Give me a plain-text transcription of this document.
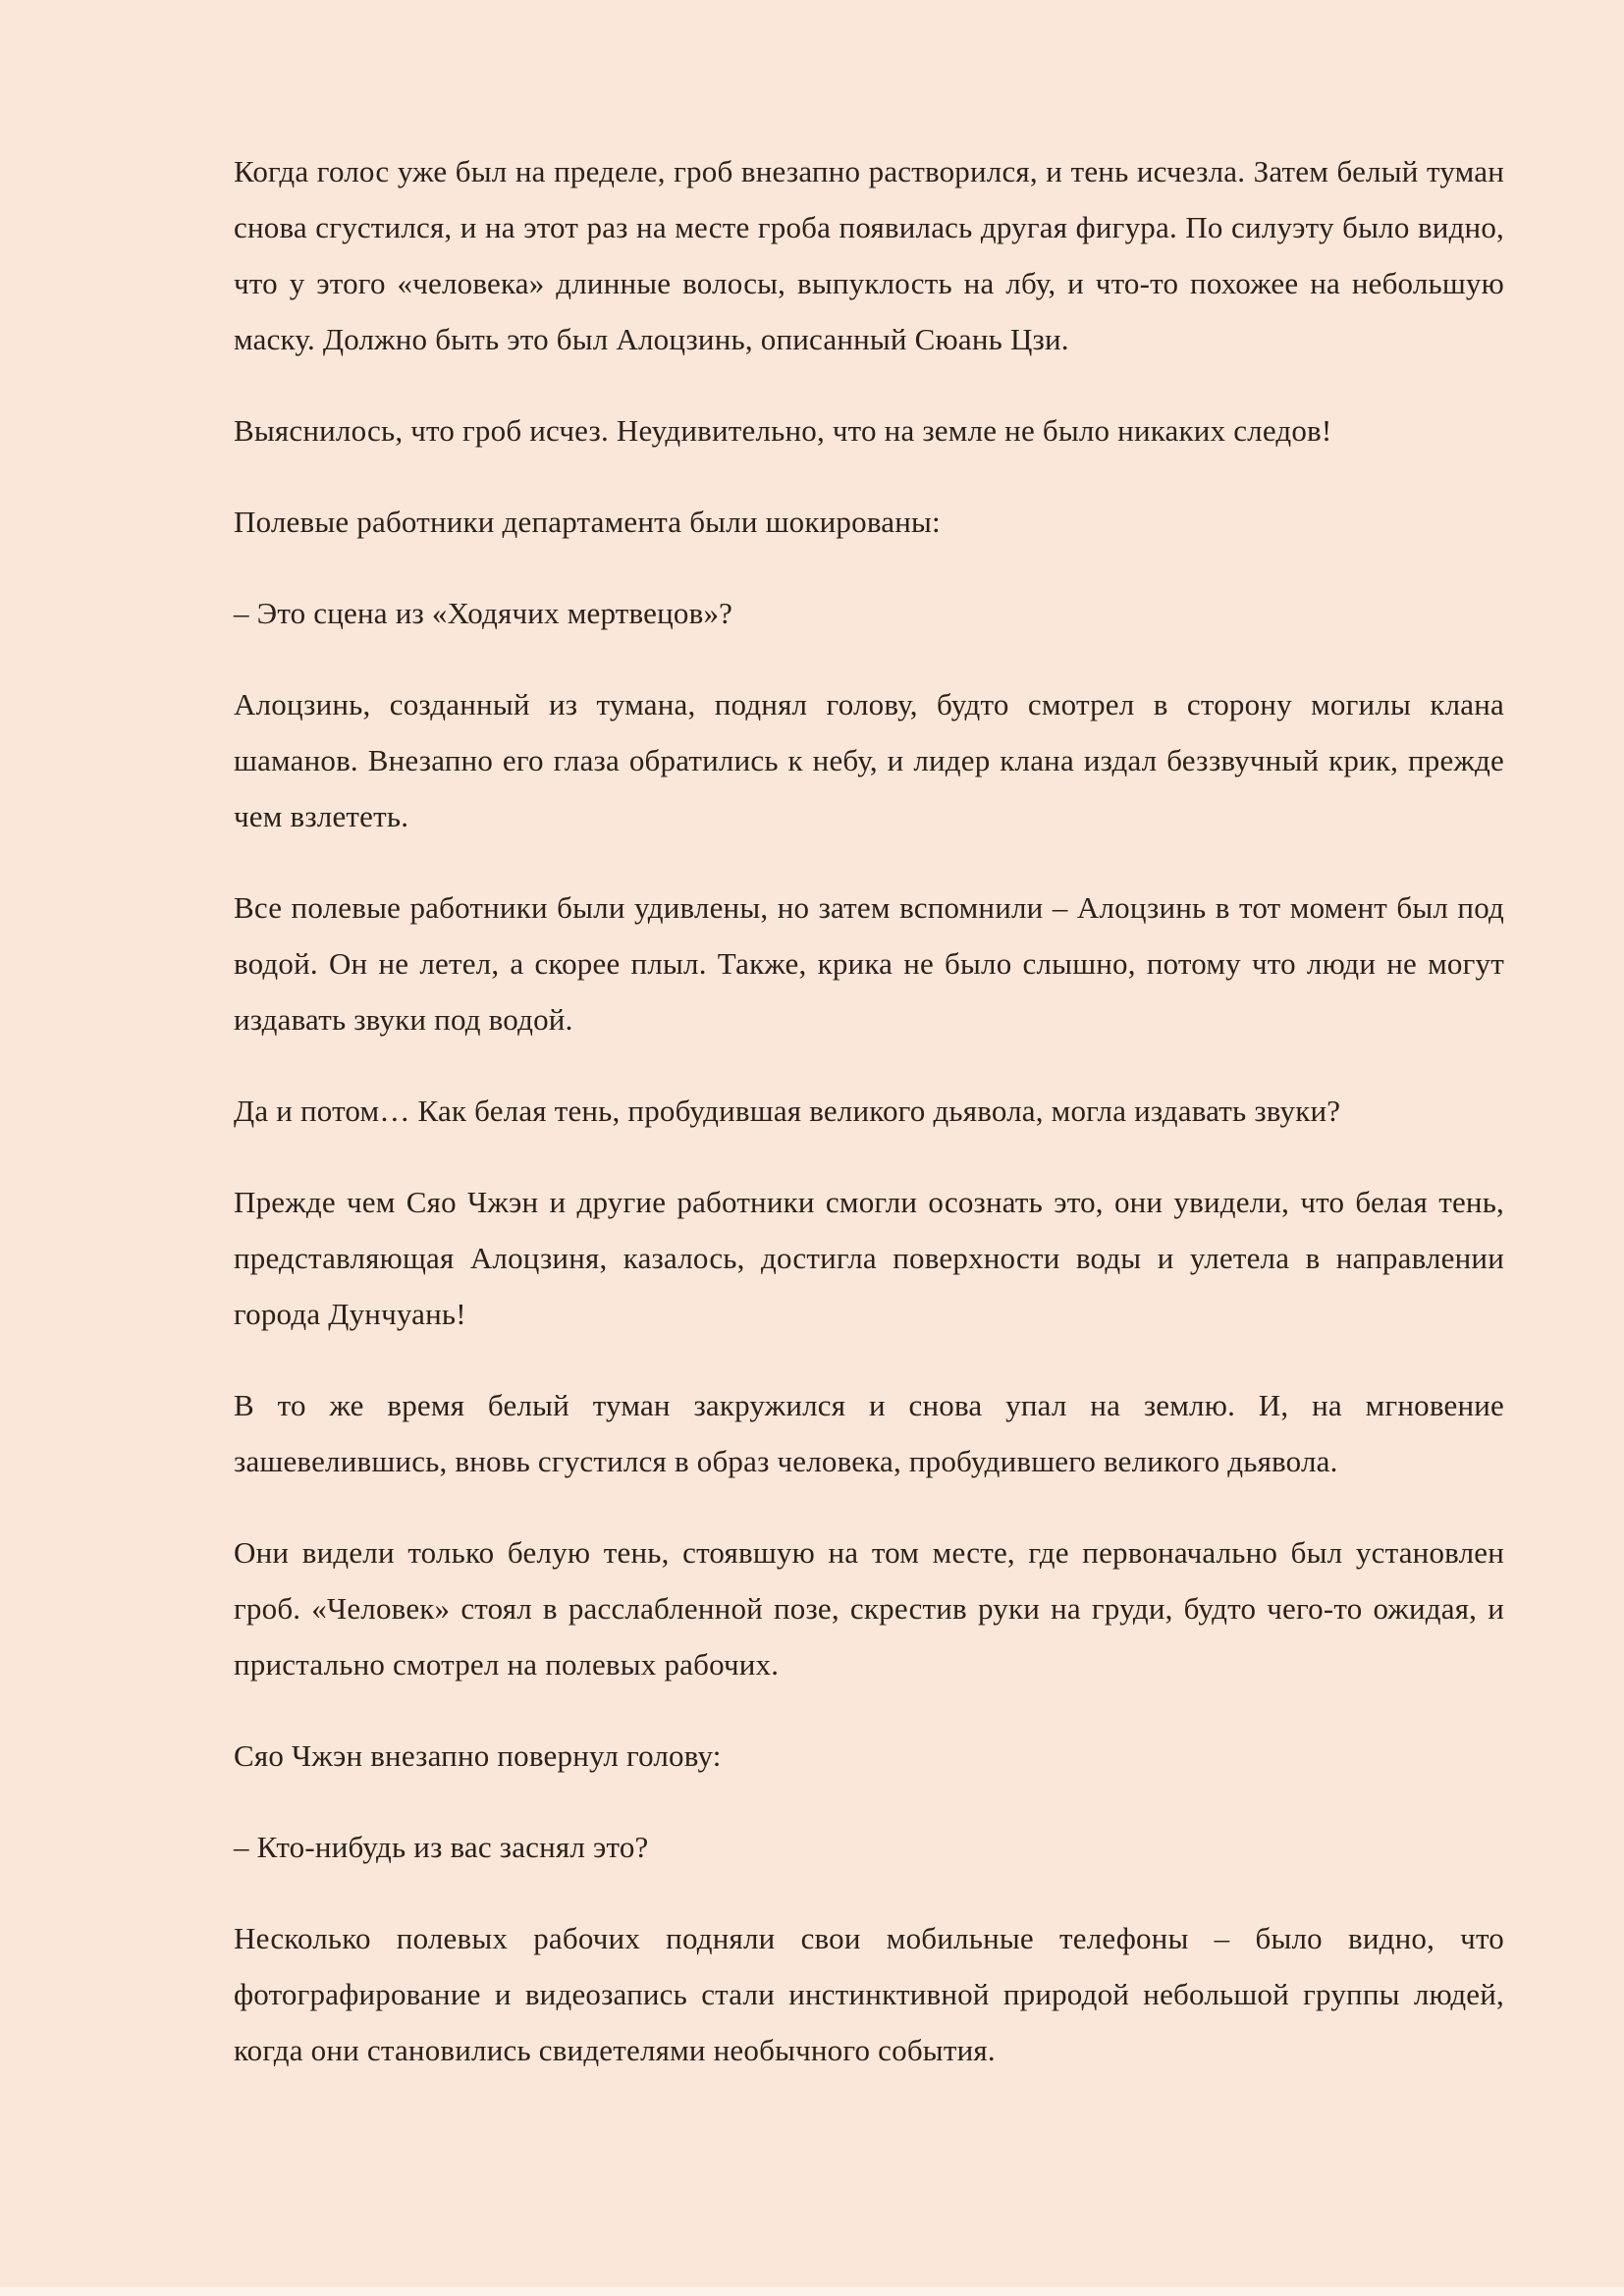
Когда голос уже был на пределе, гроб внезапно растворился, и тень исчезла. Затем белый туман снова сгустился, и на этот раз на месте гроба появилась другая фигура. По силуэту было видно, что у этого «человека» длинные волосы, выпуклость на лбу, и что-то похожее на небольшую маску. Должно быть это был Алоцзинь, описанный Сюань Цзи.

Выяснилось, что гроб исчез. Неудивительно, что на земле не было никаких следов!

Полевые работники департамента были шокированы:

– Это сцена из «Ходячих мертвецов»?

Алоцзинь, созданный из тумана, поднял голову, будто смотрел в сторону могилы клана шаманов. Внезапно его глаза обратились к небу, и лидер клана издал беззвучный крик, прежде чем взлететь.

Все полевые работники были удивлены, но затем вспомнили – Алоцзинь в тот момент был под водой. Он не летел, а скорее плыл. Также, крика не было слышно, потому что люди не могут издавать звуки под водой.

Да и потом… Как белая тень, пробудившая великого дьявола, могла издавать звуки?

Прежде чем Сяо Чжэн и другие работники смогли осознать это, они увидели, что белая тень, представляющая Алоцзиня, казалось, достигла поверхности воды и улетела в направлении города Дунчуань!

В то же время белый туман закружился и снова упал на землю. И, на мгновение зашевелившись, вновь сгустился в образ человека, пробудившего великого дьявола.

Они видели только белую тень, стоявшую на том месте, где первоначально был установлен гроб. «Человек» стоял в расслабленной позе, скрестив руки на груди, будто чего-то ожидая, и пристально смотрел на полевых рабочих.

Сяо Чжэн внезапно повернул голову:

– Кто-нибудь из вас заснял это?

Несколько полевых рабочих подняли свои мобильные телефоны – было видно, что фотографирование и видеозапись стали инстинктивной природой небольшой группы людей, когда они становились свидетелями необычного события.
